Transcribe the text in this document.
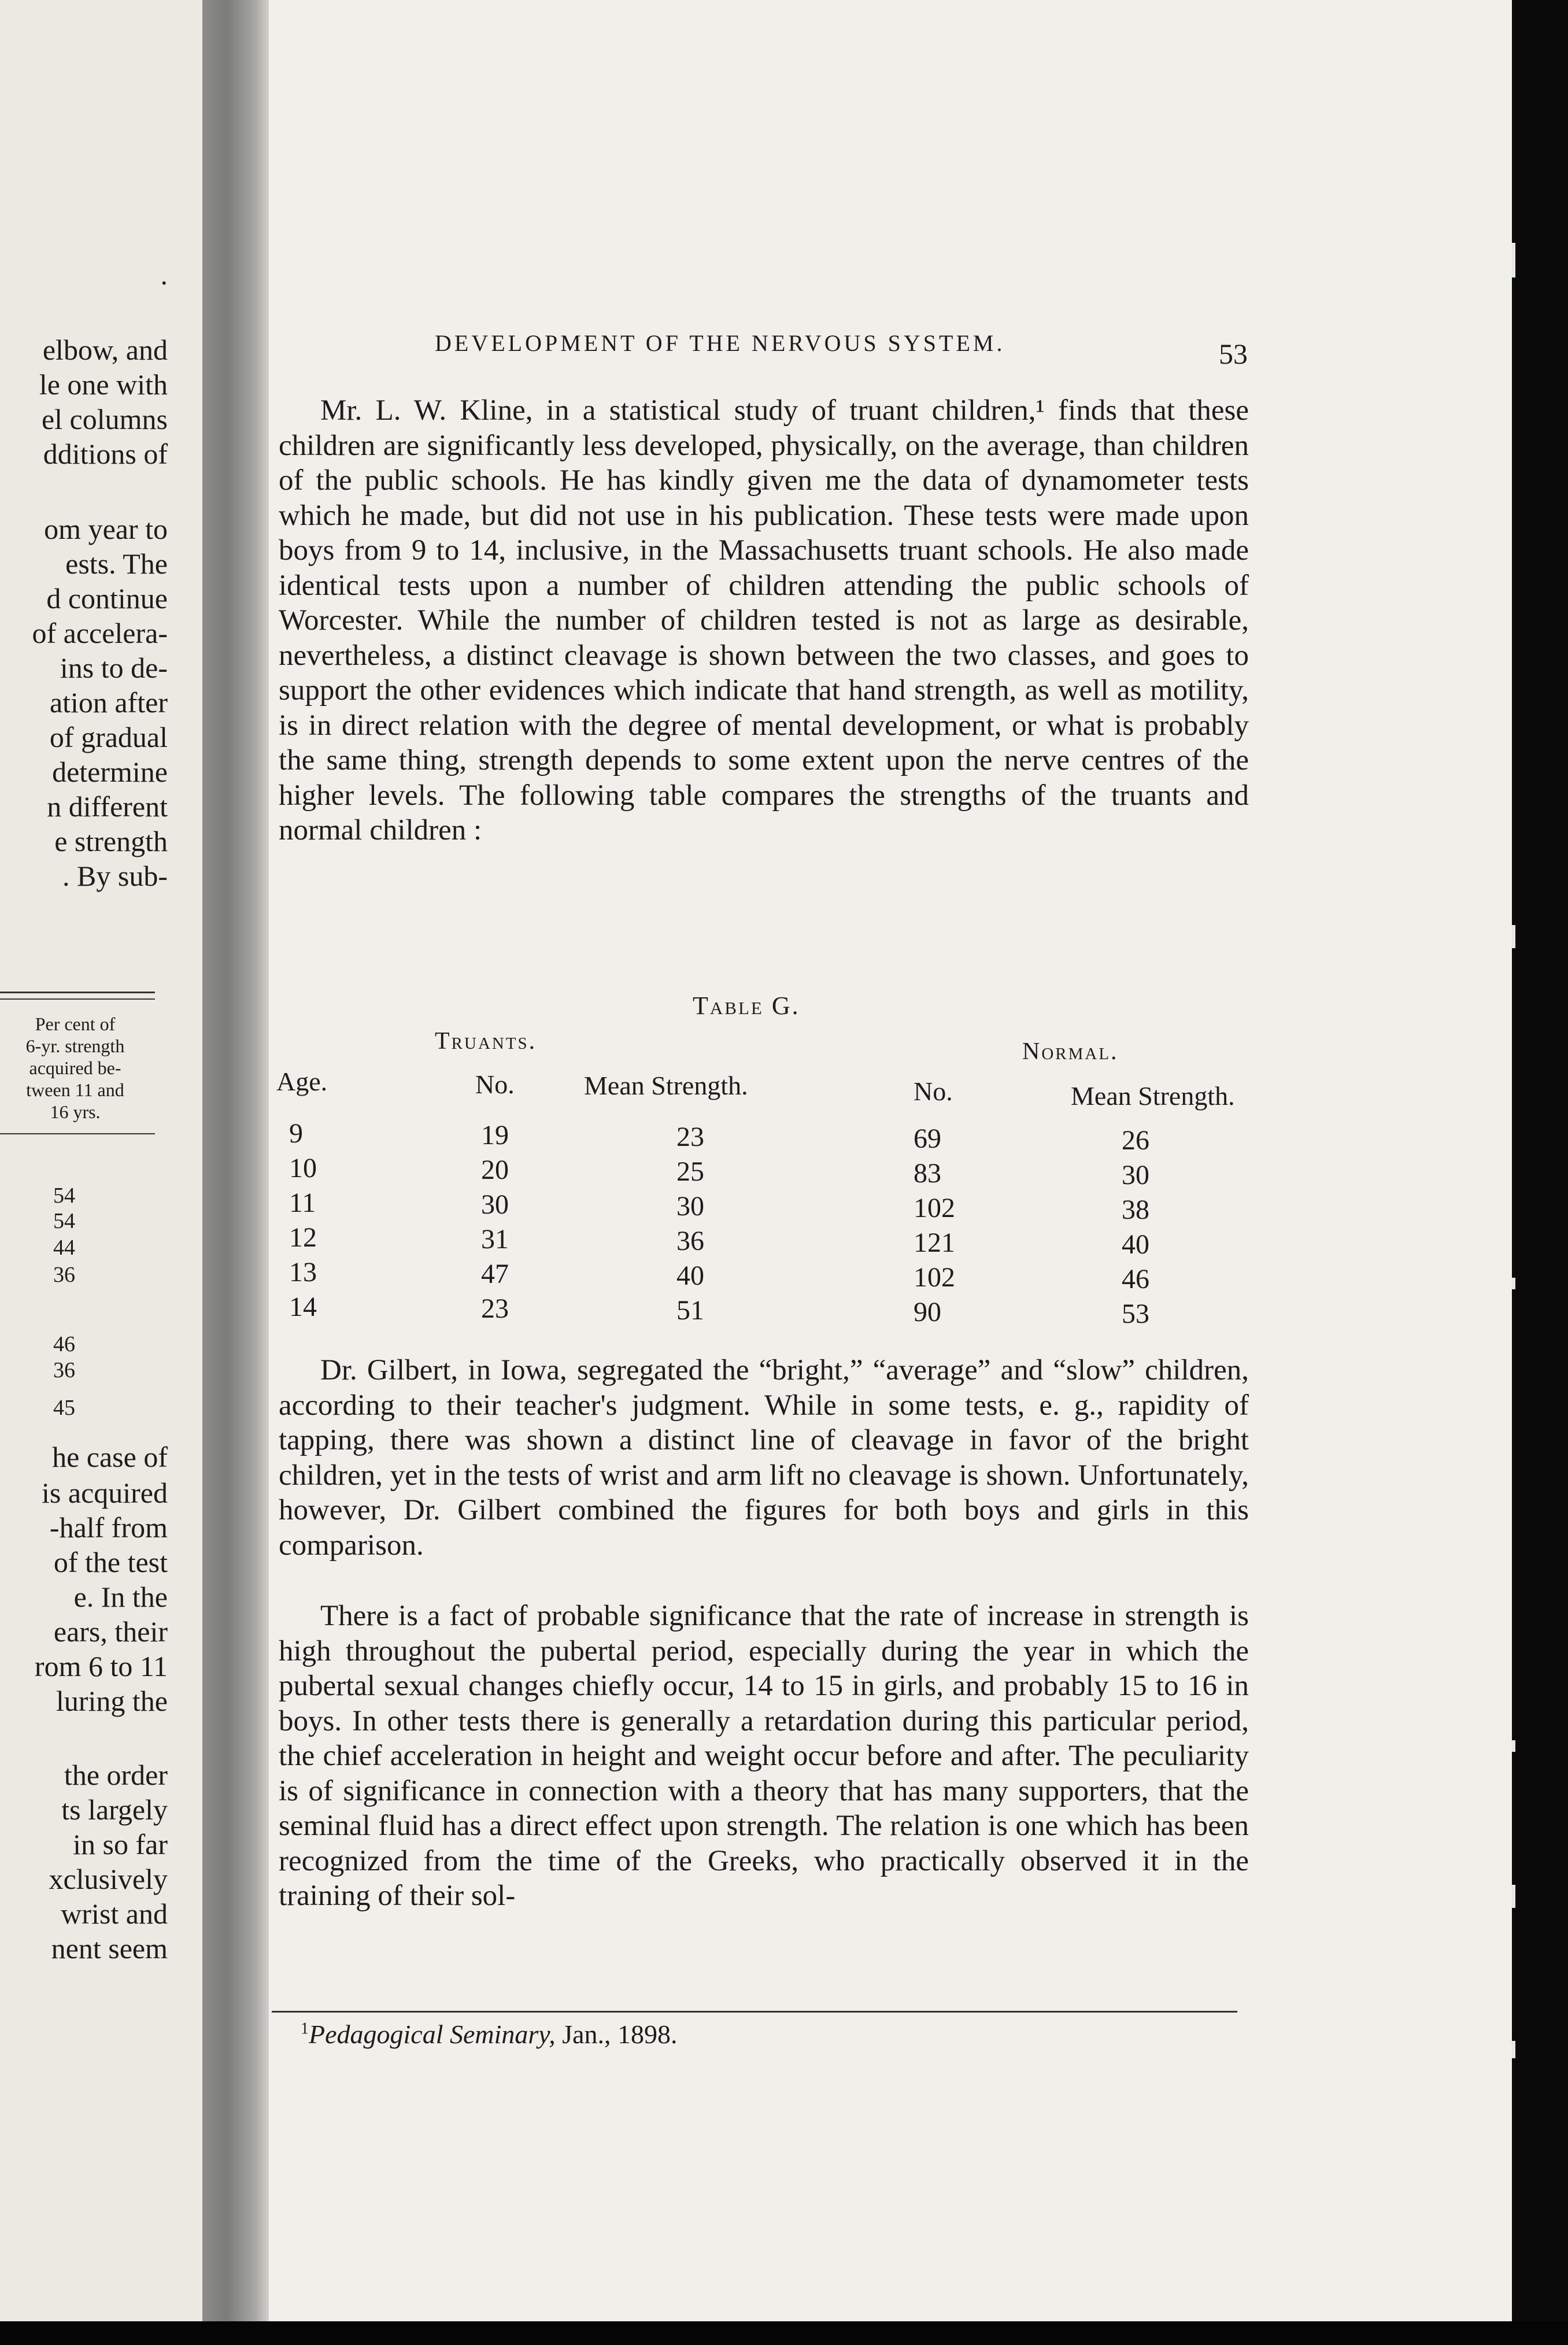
.
elbow, and
le one with
el columns
dditions of
om year to
ests. The
d continue
of accelera-
ins to de-
ation after
of gradual
determine
n different
e strength
. By sub-
Per cent of
6-yr. strength
acquired be-
tween 11 and
16 yrs.
54
54
44
36
46
36
45
he case of
is acquired
-half from
of the test
e. In the
ears, their
rom 6 to 11
luring the
the order
ts largely
in so far
xclusively
wrist and
nent seem
DEVELOPMENT OF THE NERVOUS SYSTEM.	53
Mr. L. W. Kline, in a statistical study of truant children,¹ finds that these children are significantly less developed, physically, on the average, than children of the public schools. He has kindly given me the data of dynamometer tests which he made, but did not use in his publication. These tests were made upon boys from 9 to 14, inclusive, in the Massachusetts truant schools. He also made identical tests upon a number of children attending the public schools of Worcester. While the number of children tested is not as large as desirable, nevertheless, a distinct cleavage is shown between the two classes, and goes to support the other evidences which indicate that hand strength, as well as motility, is in direct relation with the degree of mental development, or what is probably the same thing, strength depends to some extent upon the nerve centres of the higher levels. The following table compares the strengths of the truants and normal children :
Table G.
Truants.	Normal.
Age.	No.	Mean Strength.	No.	Mean Strength.
9	19	23	69	26
10	20	25	83	30
11	30	30	102	38
12	31	36	121	40
13	47	40	102	46
14	23	51	90	53
Dr. Gilbert, in Iowa, segregated the “bright,” “average” and “slow” children, according to their teacher's judgment. While in some tests, e. g., rapidity of tapping, there was shown a distinct line of cleavage in favor of the bright children, yet in the tests of wrist and arm lift no cleavage is shown. Unfortunately, however, Dr. Gilbert combined the figures for both boys and girls in this comparison.
There is a fact of probable significance that the rate of increase in strength is high throughout the pubertal period, especially during the year in which the pubertal sexual changes chiefly occur, 14 to 15 in girls, and probably 15 to 16 in boys. In other tests there is generally a retardation during this particular period, the chief acceleration in height and weight occur before and after. The peculiarity is of significance in connection with a theory that has many supporters, that the seminal fluid has a direct effect upon strength. The relation is one which has been recognized from the time of the Greeks, who practically observed it in the training of their sol-
$^1$Pedagogical Seminary, Jan., 1898.
